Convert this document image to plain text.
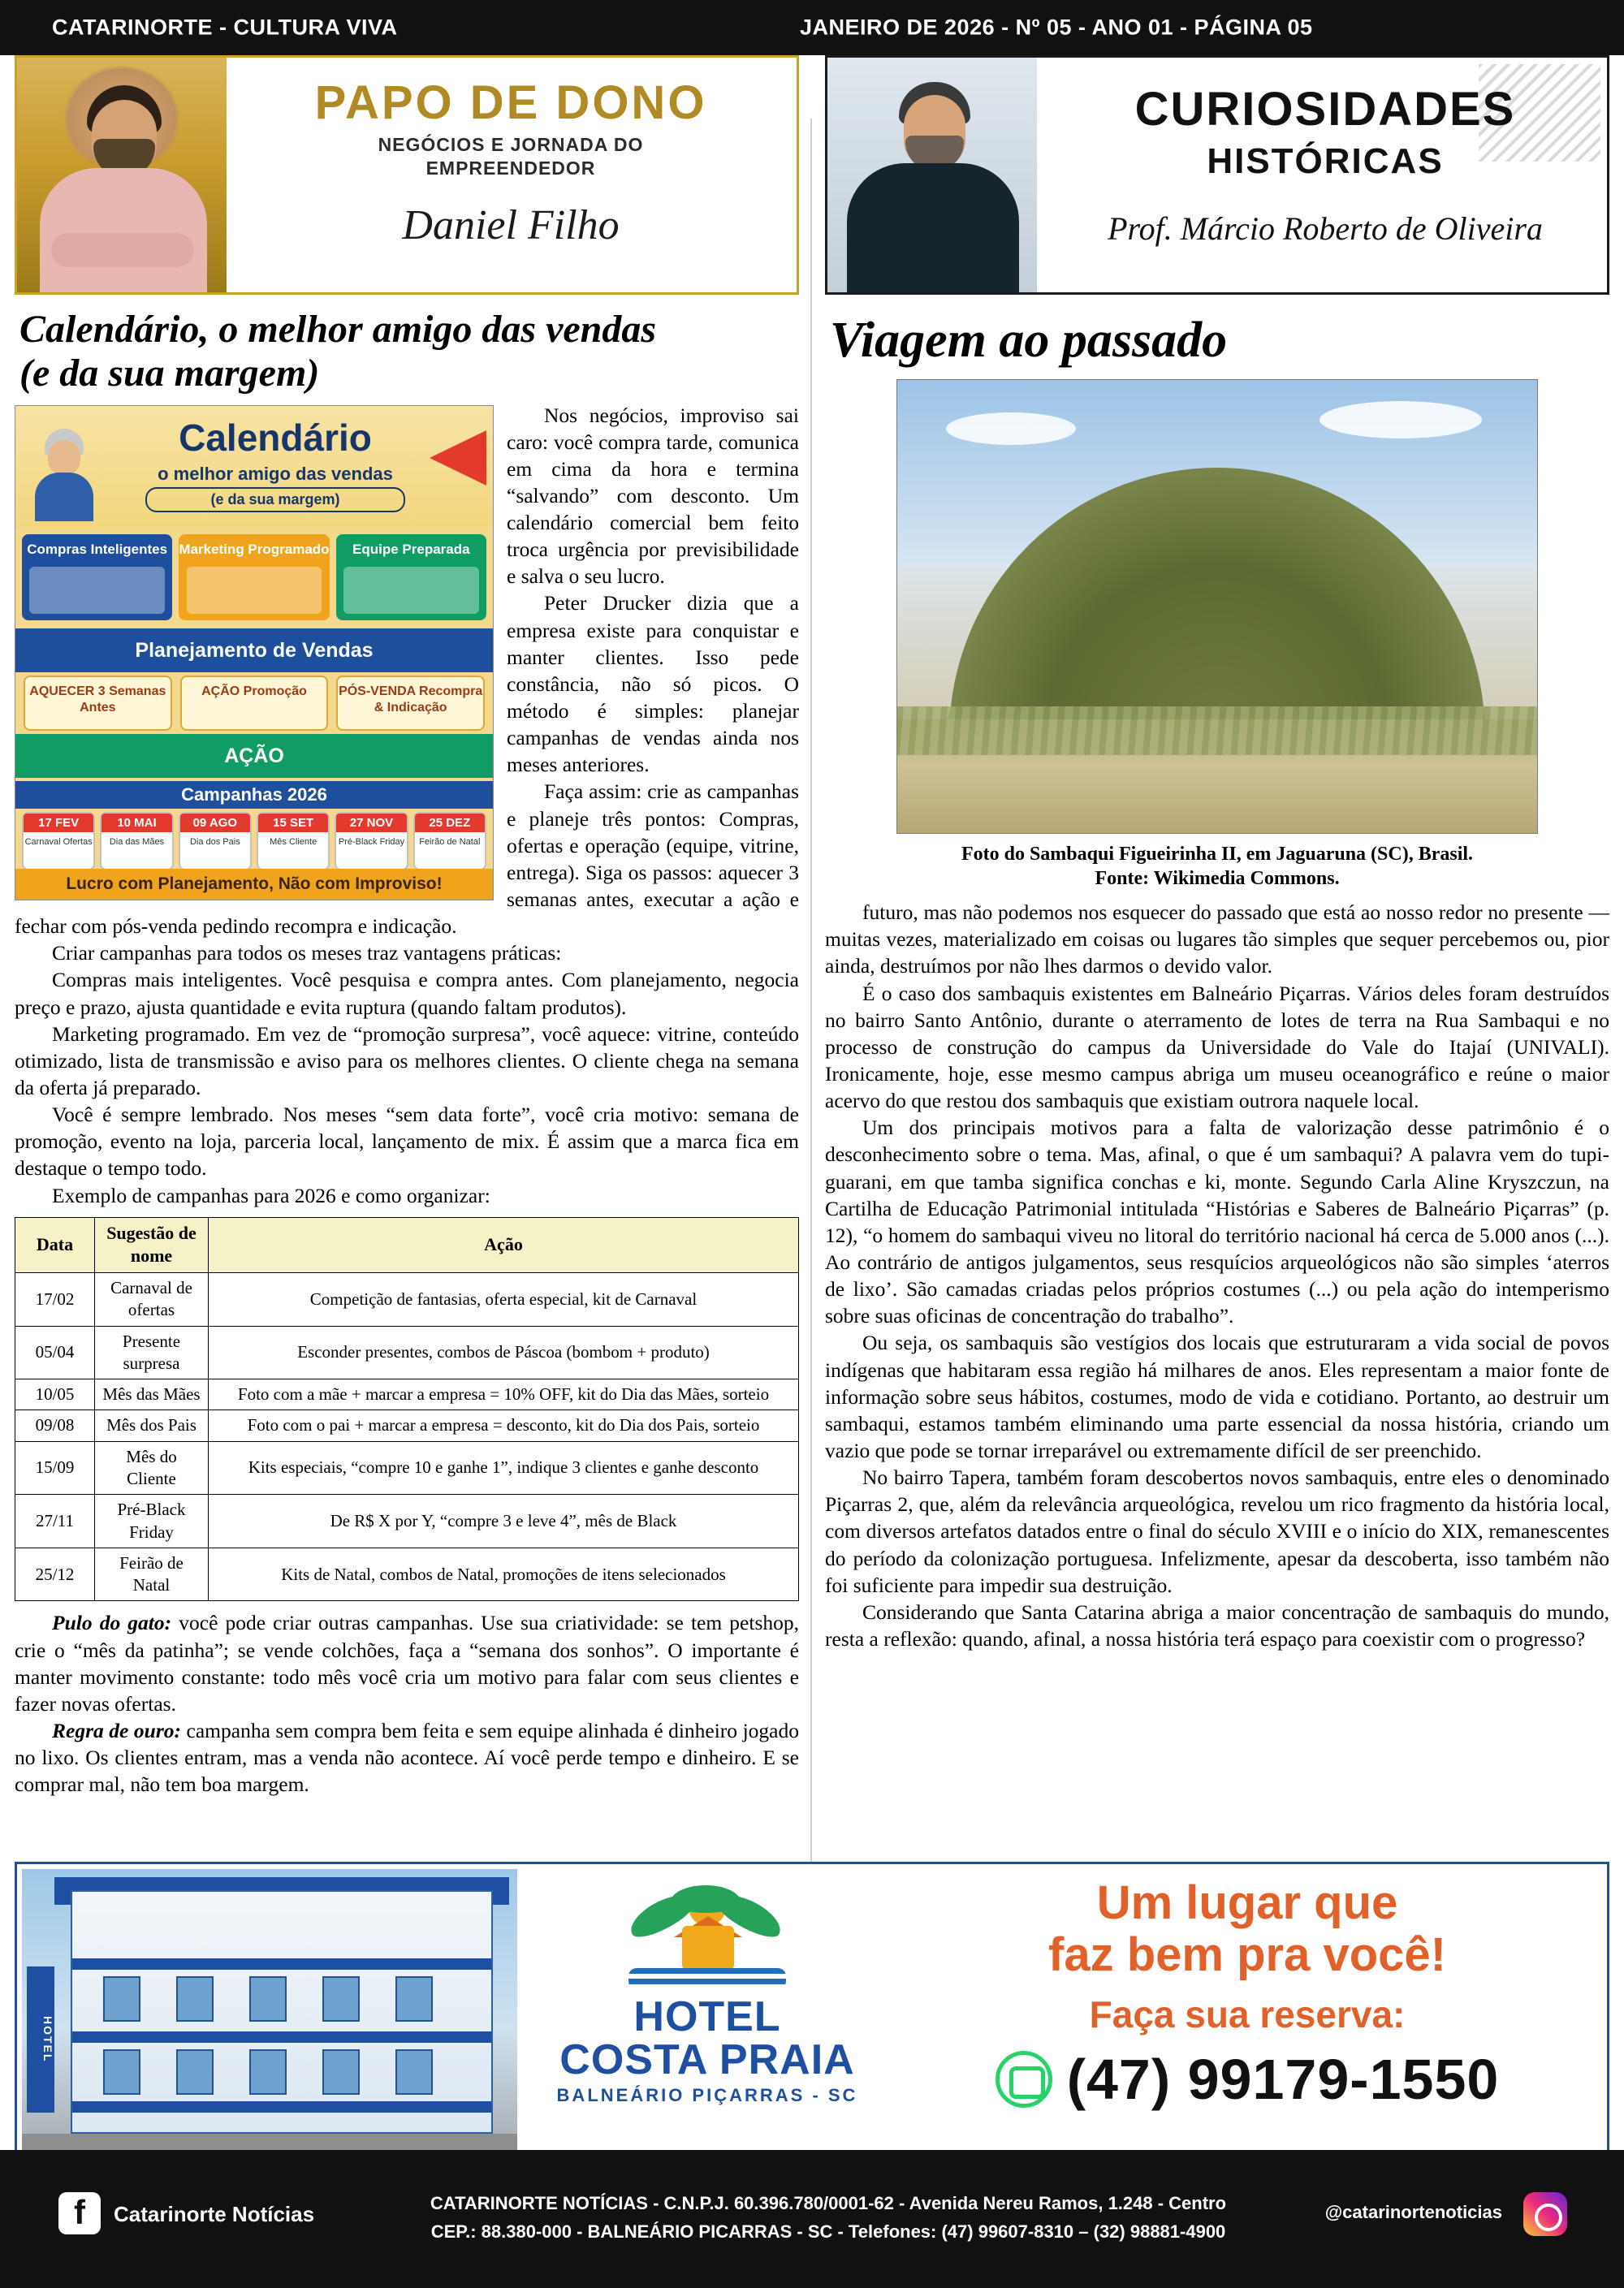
CATARINORTE - CULTURA VIVA	JANEIRO DE 2026 - Nº 05 - ANO 01 - PÁGINA 05
PAPO DE DONO
NEGÓCIOS E JORNADA DO
EMPREENDEDOR
Daniel Filho
Calendário, o melhor amigo das vendas
(e da sua margem)
Calendário
o melhor amigo das vendas
(e da sua margem)
Compras Inteligentes Marketing Programado	Equipe Preparada
Planejamento de Vendas
AQUECER 3 Semanas Antes
AÇÃO Promoção	PÓS-VENDA Recompra & Indicação
AÇÃO
Campanhas 2026
17 FEV
Carnaval Ofertas
10 MAI
Dia das Mães
09 AGO
Dia dos Pais
15 SET
Mês Cliente
27 NOV
Pré-Black Friday
25 DEZ
Feirão de Natal
Lucro com Planejamento, Não com Improviso!

Nos negócios, improviso sai caro: você compra tarde, comunica em cima da hora e termina “salvando” com desconto. Um calendário comercial bem feito troca urgência por previsibilidade e salva o seu lucro.

Peter Drucker dizia que a empresa existe para conquistar e manter clientes. Isso pede constância, não só picos. O método é simples: planejar campanhas de vendas ainda nos meses anteriores.

Faça assim: crie as campanhas e planeje três pontos: Compras, ofertas e operação (equipe, vitrine, entrega). Siga os passos: aquecer 3 semanas antes, executar a ação e fechar com pós-venda pedindo recompra e indicação.

Criar campanhas para todos os meses traz vantagens práticas:

Compras mais inteligentes. Você pesquisa e compra antes. Com planejamento, negocia preço e prazo, ajusta quantidade e evita ruptura (quando faltam produtos).

Marketing programado. Em vez de “promoção surpresa”, você aquece: vitrine, conteúdo otimizado, lista de transmissão e aviso para os melhores clientes. O cliente chega na semana da oferta já preparado.

Você é sempre lembrado. Nos meses “sem data forte”, você cria motivo: semana de promoção, evento na loja, parceria local, lançamento de mix. É assim que a marca fica em destaque o tempo todo.

Exemplo de campanhas para 2026 e como organizar:

Data	Sugestão de nome	Ação
17/02	Carnaval de ofertas	Competição de fantasias, oferta especial, kit de Carnaval
05/04	Presente surpresa	Esconder presentes, combos de Páscoa (bombom + produto)
10/05	Mês das Mães	Foto com a mãe + marcar a empresa = 10% OFF, kit do Dia das Mães, sorteio
09/08	Mês dos Pais	Foto com o pai + marcar a empresa = desconto, kit do Dia dos Pais, sorteio
15/09	Mês do Cliente	Kits especiais, “compre 10 e ganhe 1”, indique 3 clientes e ganhe desconto
27/11	Pré-Black Friday	De R$ X por Y, “compre 3 e leve 4”, mês de Black
25/12	Feirão de Natal	Kits de Natal, combos de Natal, promoções de itens selecionados

Pulo do gato: você pode criar outras campanhas. Use sua criatividade: se tem petshop, crie o “mês da patinha”; se vende colchões, faça a “semana dos sonhos”. O importante é manter movimento constante: todo mês você cria um motivo para falar com seus clientes e fazer novas ofertas.

Regra de ouro: campanha sem compra bem feita e sem equipe alinhada é dinheiro jogado no lixo. Os clientes entram, mas a venda não acontece. Aí você perde tempo e dinheiro. E se comprar mal, não tem boa margem.

CURIOSIDADES
HISTÓRICAS
Prof. Márcio Roberto de Oliveira
Viagem ao passado
Foto do Sambaqui Figueirinha II, em Jaguaruna (SC), Brasil.
Fonte: Wikimedia Commons.

futuro, mas não podemos nos esquecer do passado que está ao nosso redor no presente — muitas vezes, materializado em coisas ou lugares tão simples que sequer percebemos ou, pior ainda, destruímos por não lhes darmos o devido valor.

É o caso dos sambaquis existentes em Balneário Piçarras. Vários deles foram destruídos no bairro Santo Antônio, durante o aterramento de lotes de terra na Rua Sambaqui e no processo de construção do campus da Universidade do Vale do Itajaí (UNIVALI). Ironicamente, hoje, esse mesmo campus abriga um museu oceanográfico e reúne o maior acervo do que restou dos sambaquis que existiam outrora naquele local.

Um dos principais motivos para a falta de valorização desse patrimônio é o desconhecimento sobre o tema. Mas, afinal, o que é um sambaqui? A palavra vem do tupi-guarani, em que tamba significa conchas e ki, monte. Segundo Carla Aline Kryszczun, na Cartilha de Educação Patrimonial intitulada “Histórias e Saberes de Balneário Piçarras” (p. 12), “o homem do sambaqui viveu no litoral do território nacional há cerca de 5.000 anos (...). Ao contrário de antigos julgamentos, seus resquícios arqueológicos não são simples ‘aterros de lixo’. São camadas criadas pelos próprios costumes (...) ou pela ação do intemperismo sobre suas oficinas de concentração do trabalho”.

Ou seja, os sambaquis são vestígios dos locais que estruturaram a vida social de povos indígenas que habitaram essa região há milhares de anos. Eles representam a maior fonte de informação sobre seus hábitos, costumes, modo de vida e cotidiano. Portanto, ao destruir um sambaqui, estamos também eliminando uma parte essencial da nossa história, criando um vazio que pode se tornar irreparável ou extremamente difícil de ser preenchido.

No bairro Tapera, também foram descobertos novos sambaquis, entre eles o denominado Piçarras 2, que, além da relevância arqueológica, revelou um rico fragmento da história local, com diversos artefatos datados entre o final do século XVIII e o início do XIX, remanescentes do período da colonização portuguesa. Infelizmente, apesar da descoberta, isso também não foi suficiente para impedir sua destruição.

Considerando que Santa Catarina abriga a maior concentração de sambaquis do mundo, resta a reflexão: quando, afinal, a nossa história terá espaço para coexistir com o progresso?

HOTEL	HOTEL
COSTA PRAIA
BALNEÁRIO PIÇARRAS - SC
Um lugar que
faz bem pra você!
Faça sua reserva:
(47) 99179-1550
f	Catarinorte Notícias	CATARINORTE NOTÍCIAS - C.N.P.J. 60.396.780/0001-62 - Avenida Nereu Ramos, 1.248 - Centro
CEP.: 88.380-000 - BALNEÁRIO PICARRAS - SC - Telefones: (47) 99607-8310 – (32) 98881-4900
@catarinortenoticias
